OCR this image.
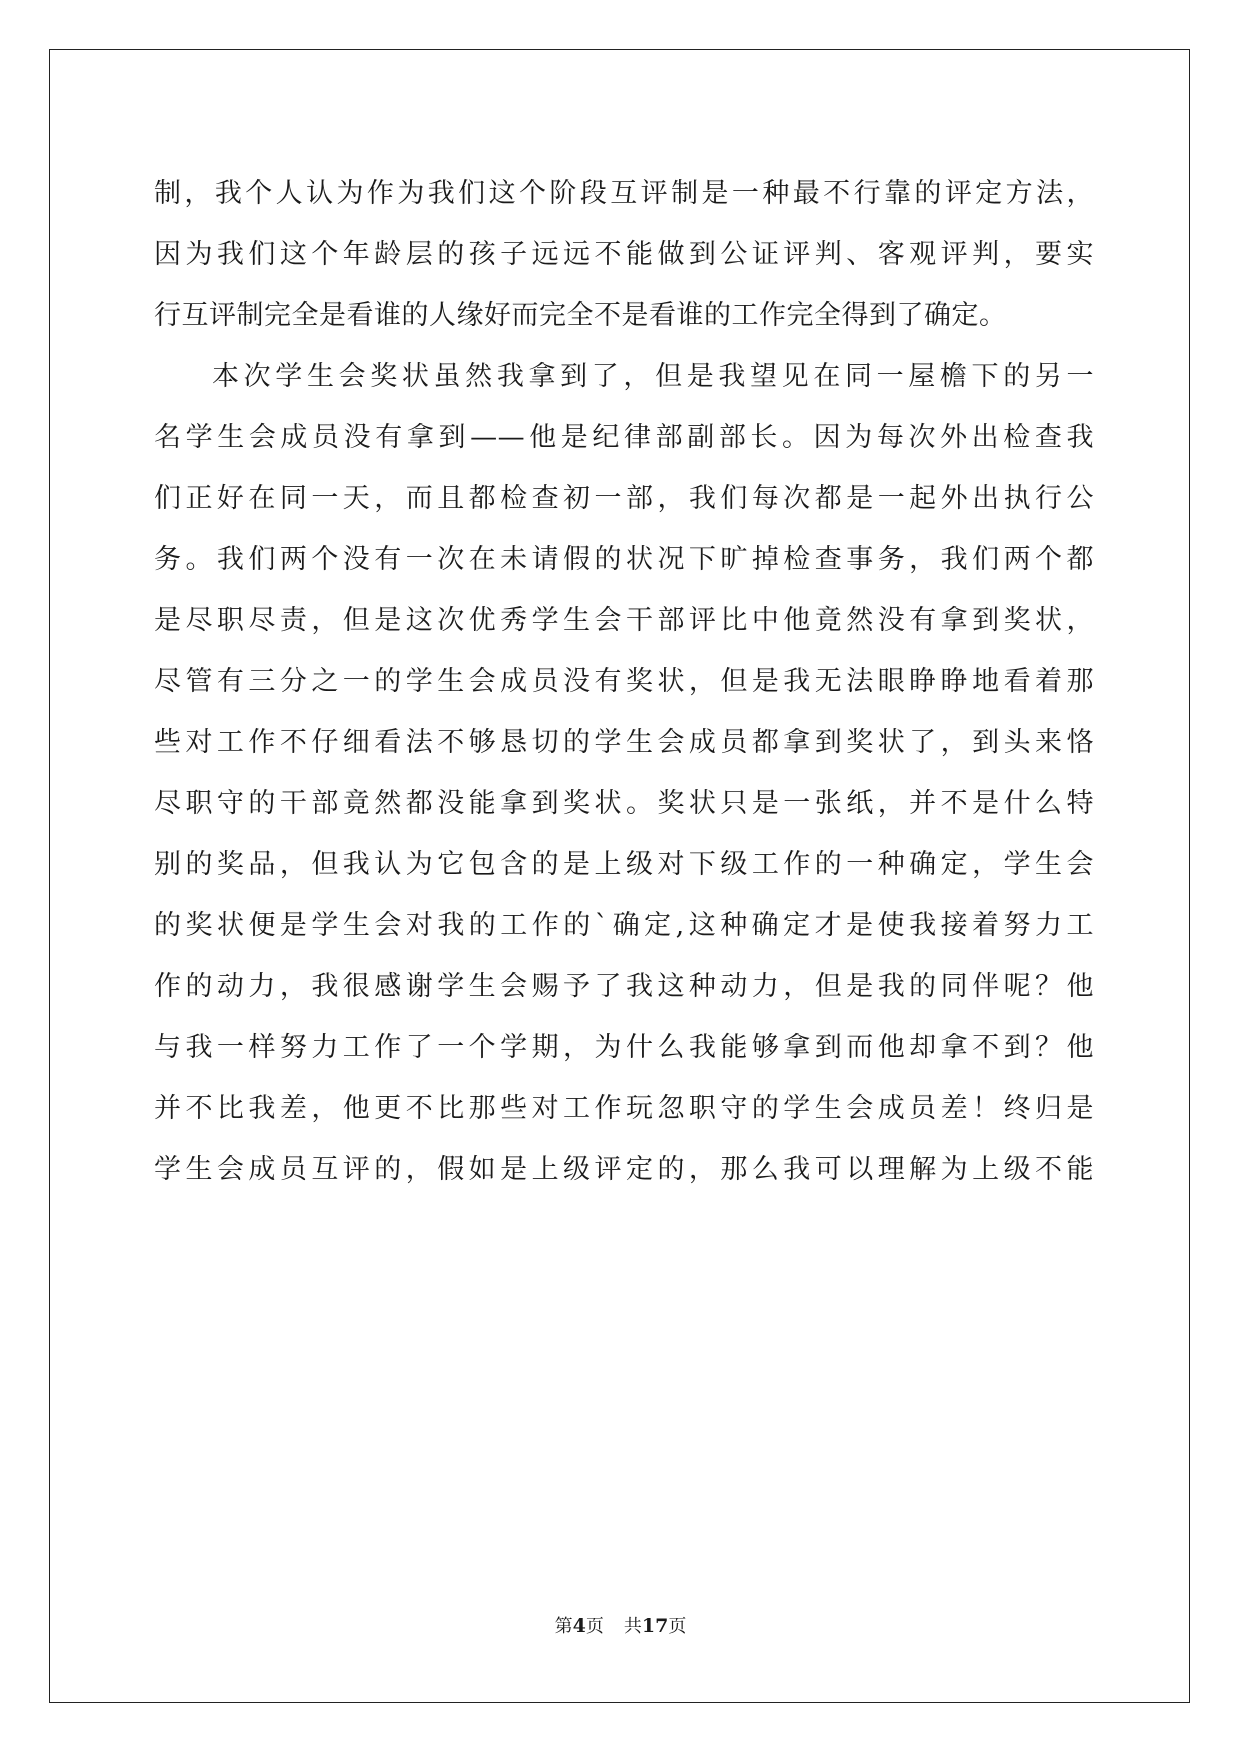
制，我个人认为作为我们这个阶段互评制是一种最不行靠的评定方法，
因为我们这个年龄层的孩子远远不能做到公证评判、客观评判，要实
行互评制完全是看谁的人缘好而完全不是看谁的工作完全得到了确定。
本次学生会奖状虽然我拿到了，但是我望见在同一屋檐下的另一
名学生会成员没有拿到——他是纪律部副部长。因为每次外出检查我
们正好在同一天，而且都检查初一部，我们每次都是一起外出执行公
务。我们两个没有一次在未请假的状况下旷掉检查事务，我们两个都
是尽职尽责，但是这次优秀学生会干部评比中他竟然没有拿到奖状，
尽管有三分之一的学生会成员没有奖状，但是我无法眼睁睁地看着那
些对工作不仔细看法不够恳切的学生会成员都拿到奖状了，到头来恪
尽职守的干部竟然都没能拿到奖状。奖状只是一张纸，并不是什么特
别的奖品，但我认为它包含的是上级对下级工作的一种确定，学生会
的奖状便是学生会对我的工作的`确定,这种确定才是使我接着努力工
作的动力，我很感谢学生会赐予了我这种动力，但是我的同伴呢？他
与我一样努力工作了一个学期，为什么我能够拿到而他却拿不到？他
并不比我差，他更不比那些对工作玩忽职守的学生会成员差！终归是
学生会成员互评的，假如是上级评定的，那么我可以理解为上级不能
第4页 共17页
